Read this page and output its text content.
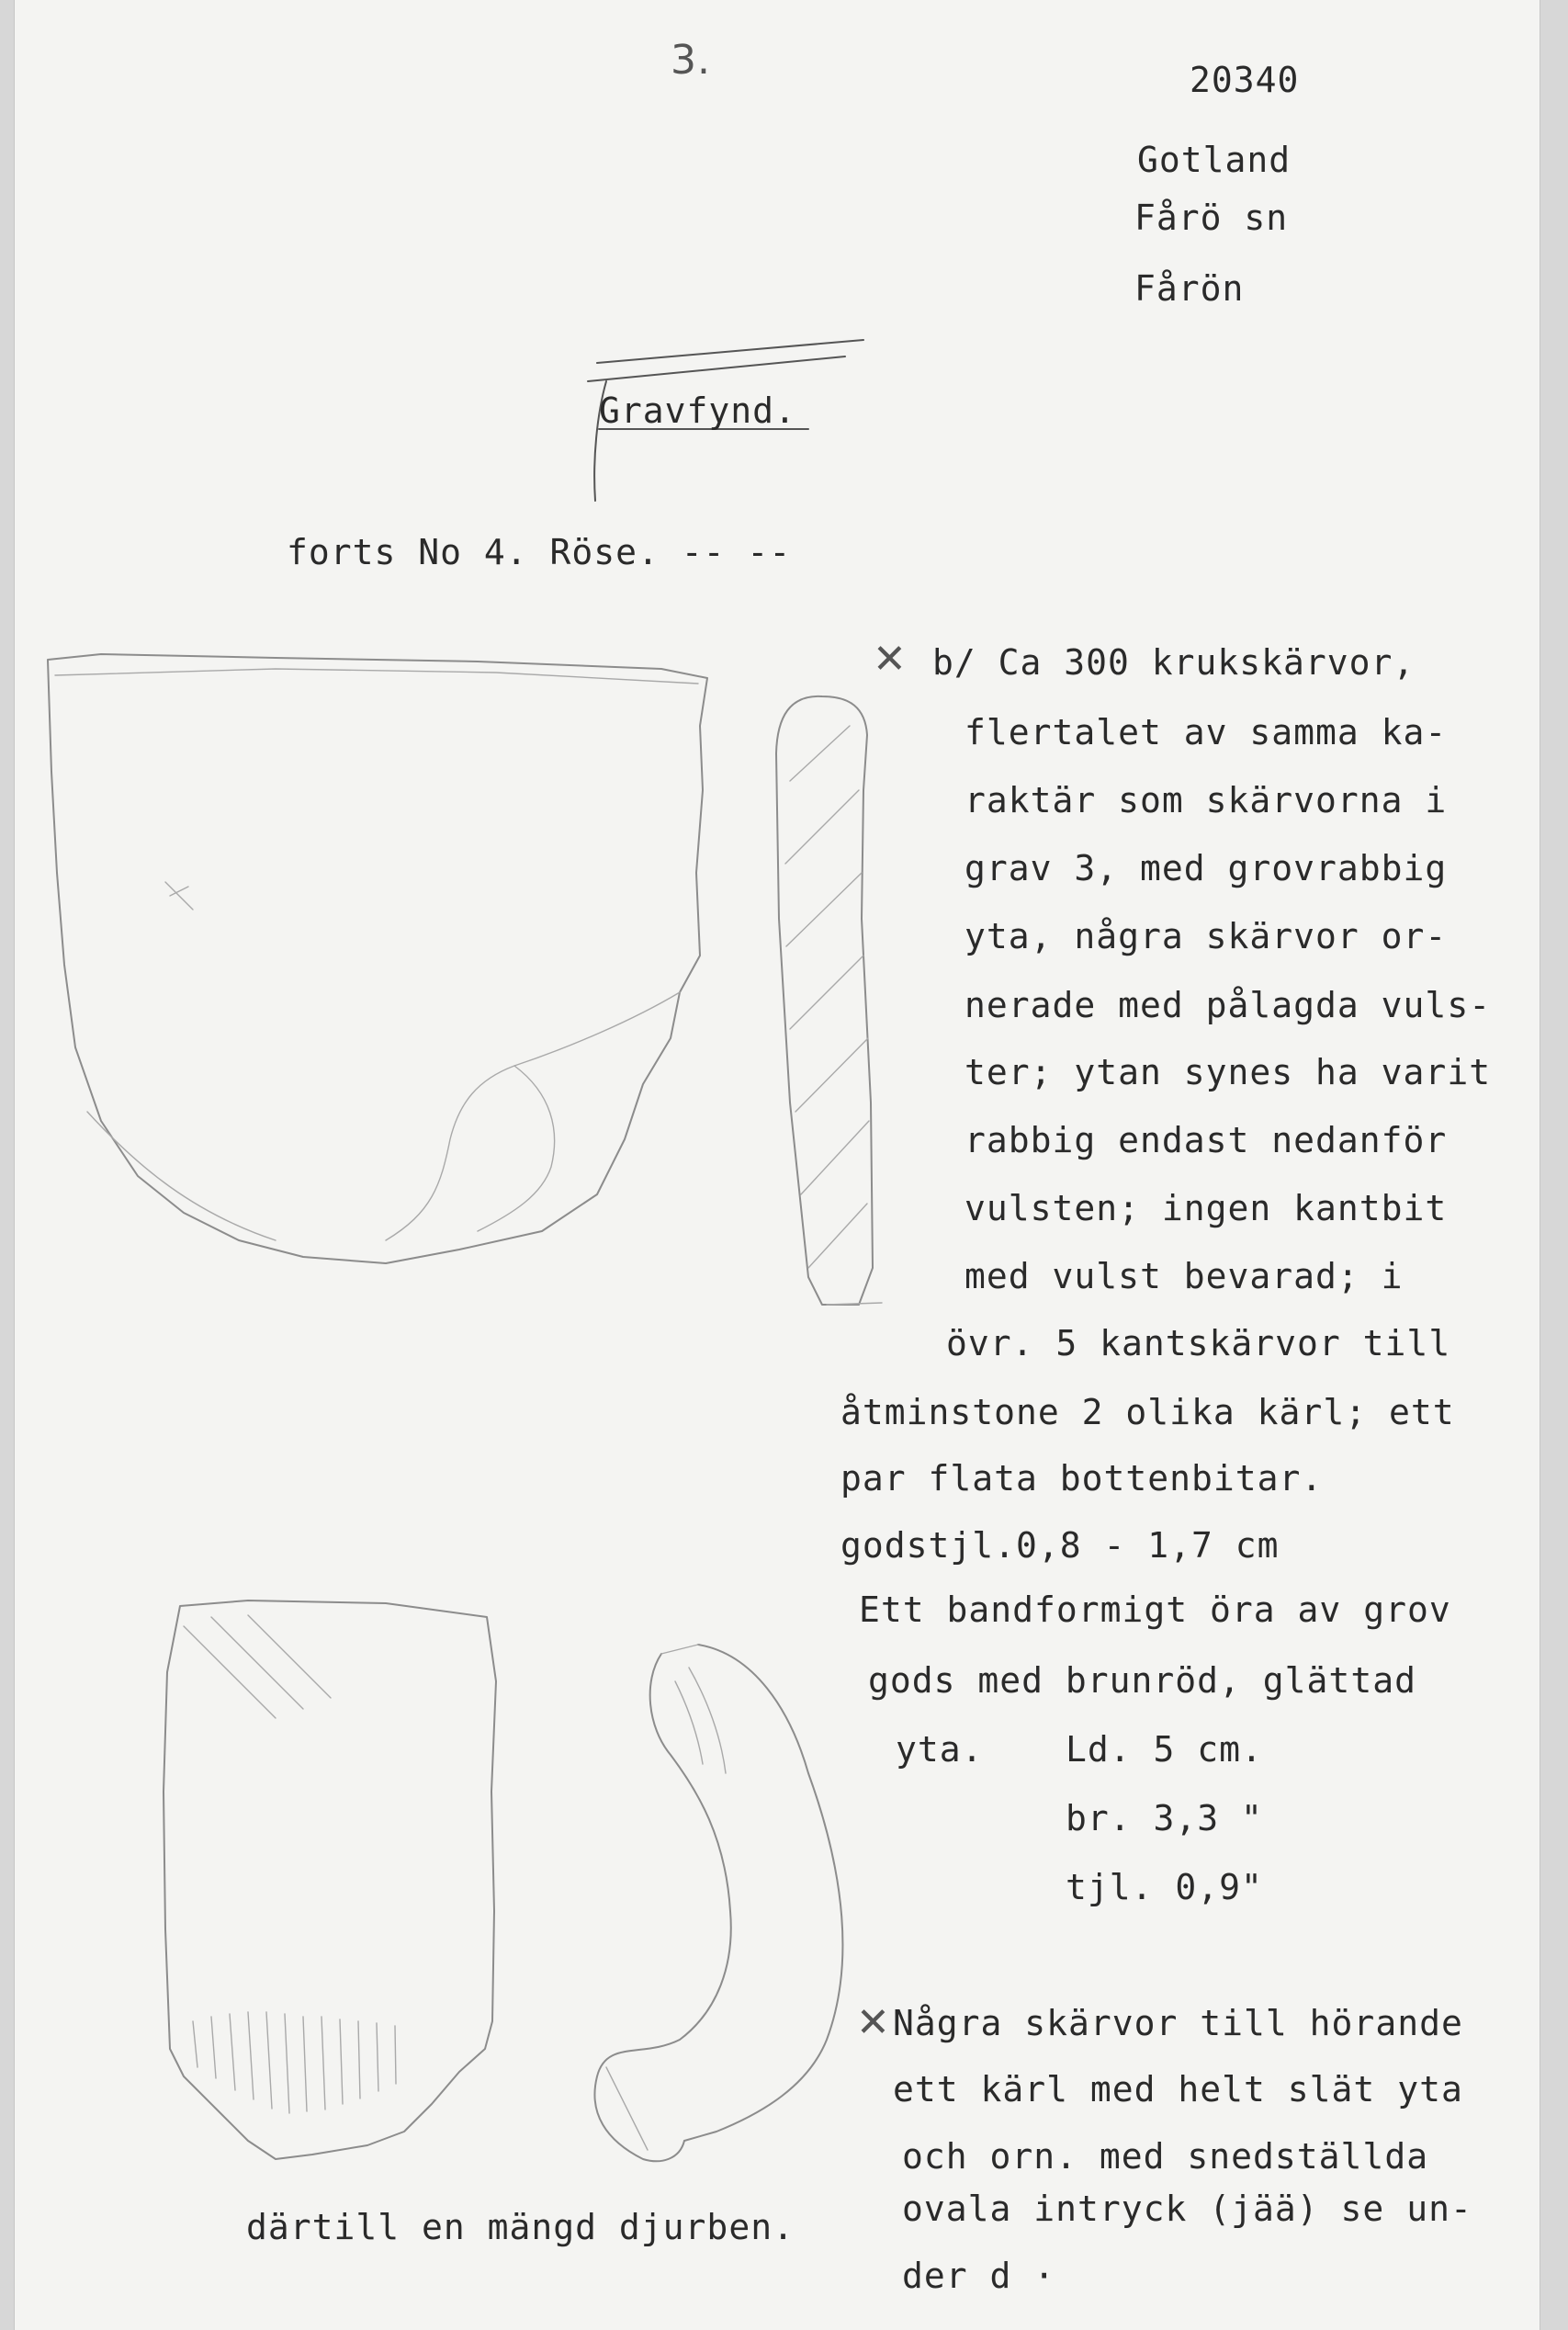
3.	20340
Gotland
Fårö sn
Fårön
Gravfynd.
forts No 4. Röse. -- --
✕ b/ Ca 300 krukskärvor,
flertalet av samma ka-
raktär som skärvorna i
grav 3, med grovrabbig
yta, några skärvor or-
nerade med pålagda vuls-
ter; ytan synes ha varit
rabbig endast nedanför
vulsten; ingen kantbit
med vulst bevarad; i
övr. 5 kantskärvor till
åtminstone 2 olika kärl; ett
par flata bottenbitar.
godstjl.0,8 - 1,7 cm
Ett bandformigt öra av grov
gods med brunröd, glättad
yta. Ld. 5 cm.
br. 3,3 "
tjl. 0,9"
✕ Några skärvor till hörande
ett kärl med helt slät yta
och orn. med snedställda
ovala intryck (jää) se un-
der d ·
därtill en mängd djurben.
